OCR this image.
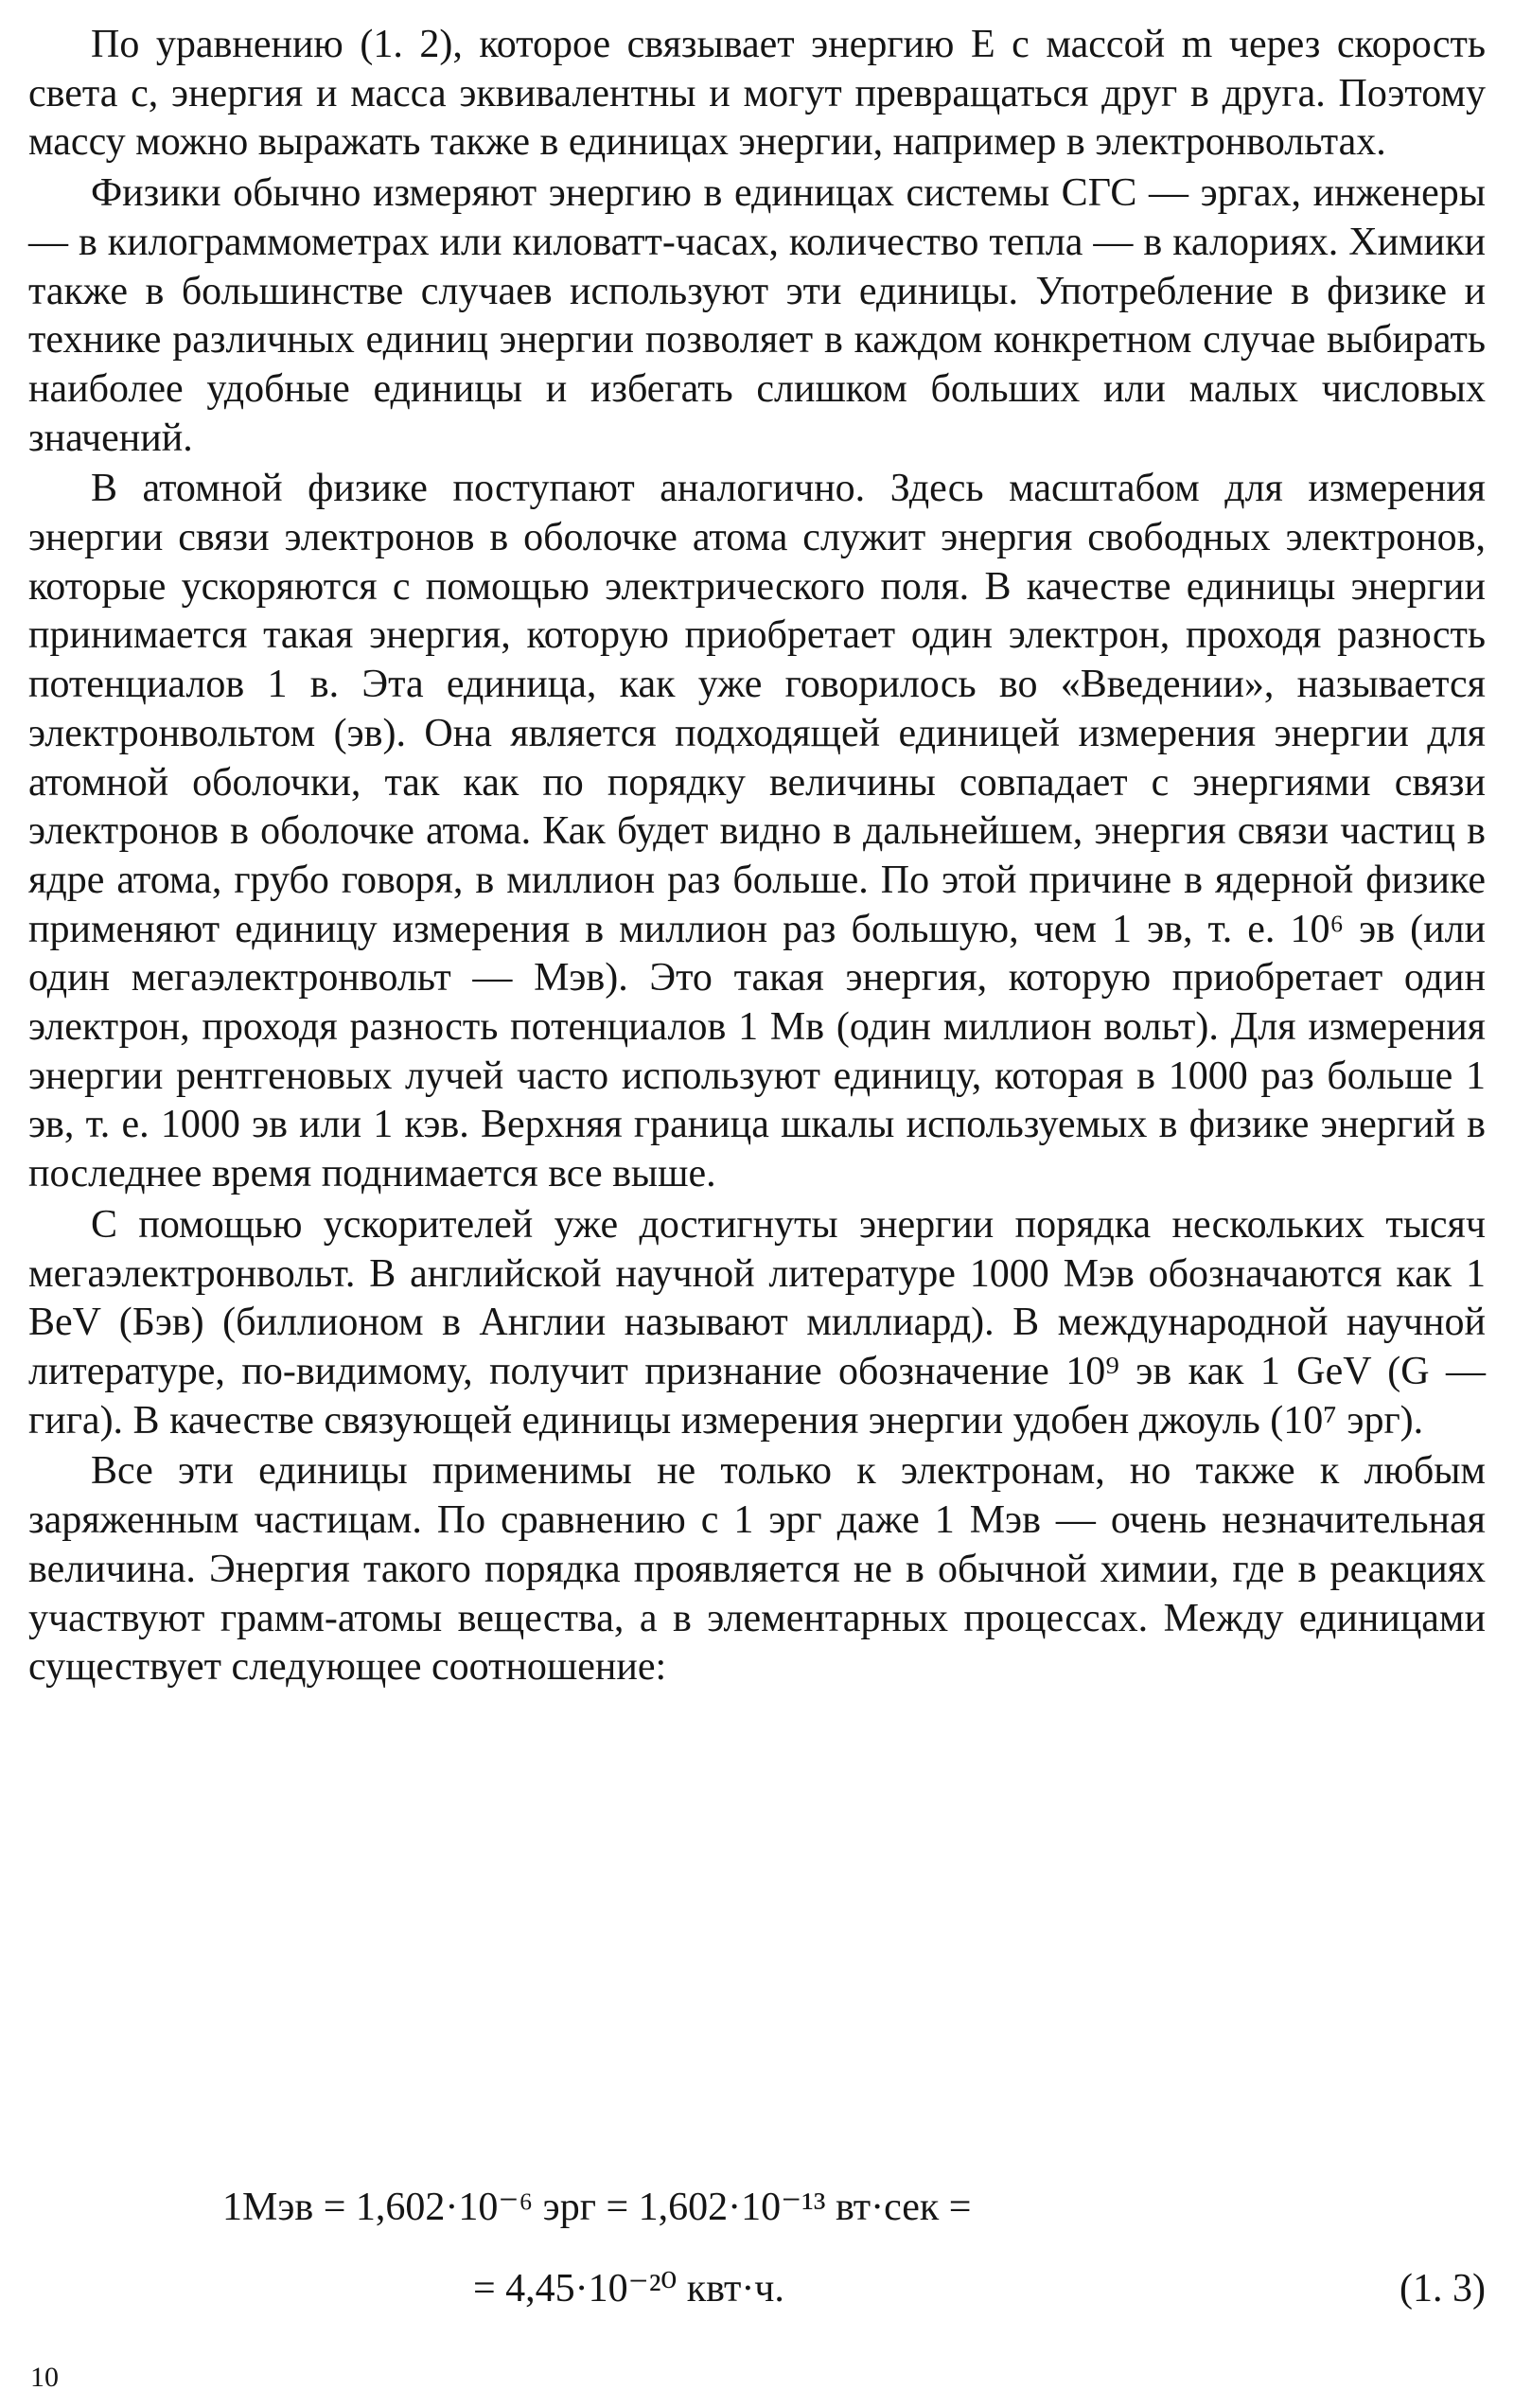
По уравнению (1. 2), которое связывает энергию E с массой m через скорость света c, энергия и масса эквивалентны и могут превращаться друг в друга. Поэтому массу можно выражать также в единицах энергии, например в электронвольтах.

Физики обычно измеряют энергию в единицах системы СГС — эргах, инженеры — в килограммометрах или киловатт-часах, количество тепла — в калориях. Химики также в большинстве случаев используют эти единицы. Употребление в физике и технике различных единиц энергии позволяет в каждом конкретном случае выбирать наиболее удобные единицы и избегать слишком больших или малых числовых значений.

В атомной физике поступают аналогично. Здесь масштабом для измерения энергии связи электронов в оболочке атома служит энергия свободных электронов, которые ускоряются с помощью электрического поля. В качестве единицы энергии принимается такая энергия, которую приобретает один электрон, проходя разность потенциалов 1 в. Эта единица, как уже говорилось во «Введении», называется электронвольтом (эв). Она является подходящей единицей измерения энергии для атомной оболочки, так как по порядку величины совпадает с энергиями связи электронов в оболочке атома. Как будет видно в дальнейшем, энергия связи частиц в ядре атома, грубо говоря, в миллион раз больше. По этой причине в ядерной физике применяют единицу измерения в миллион раз большую, чем 1 эв, т. е. 10⁶ эв (или один мегаэлектронвольт — Мэв). Это такая энергия, которую приобретает один электрон, проходя разность потенциалов 1 Мв (один миллион вольт). Для измерения энергии рентгеновых лучей часто используют единицу, которая в 1000 раз больше 1 эв, т. е. 1000 эв или 1 кэв. Верхняя граница шкалы используемых в физике энергий в последнее время поднимается все выше.

С помощью ускорителей уже достигнуты энергии порядка нескольких тысяч мегаэлектронвольт. В английской научной литературе 1000 Мэв обозначаются как 1 BeV (Бэв) (биллионом в Англии называют миллиард). В международной научной литературе, по-видимому, получит признание обозначение 10⁹ эв как 1 GeV (G — гига). В качестве связующей единицы измерения энергии удобен джоуль (10⁷ эрг).

Все эти единицы применимы не только к электронам, но также к любым заряженным частицам. По сравнению с 1 эрг даже 1 Мэв — очень незначительная величина. Энергия такого порядка проявляется не в обычной химии, где в реакциях участвуют грамм-атомы вещества, а в элементарных процессах. Между единицами существует следующее соотношение:

1Мэв = 1,602·10⁻⁶ эрг = 1,602·10⁻¹³ вт·сек =
= 4,45·10⁻²⁰ квт·ч.	(1. 3)
10
